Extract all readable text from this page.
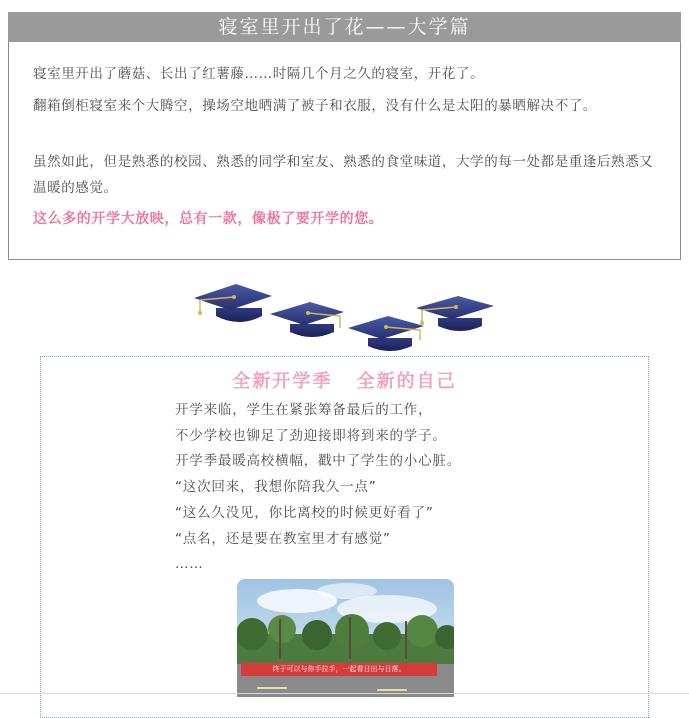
寝室里开出了花——大学篇

寝室里开出了蘑菇、长出了红薯藤……时隔几个月之久的寝室，开花了。

翻箱倒柜寝室来个大腾空，操场空地晒满了被子和衣服，没有什么是太阳的暴晒解决不了。

虽然如此，但是熟悉的校园、熟悉的同学和室友、熟悉的食堂味道，大学的每一处都是重逢后熟悉又温暖的感觉。

这么多的开学大放映，总有一款，像极了要开学的您。

全新开学季 全新的自己
开学来临，学生在紧张筹备最后的工作，
不少学校也铆足了劲迎接即将到来的学子。
开学季最暖高校横幅，戳中了学生的小心脏。
“这次回来，我想你陪我久一点”
“这么久没见，你比离校的时候更好看了”
“点名，还是要在教室里才有感觉”
……
终于可以与你手拉手，一起看日出与日落。
